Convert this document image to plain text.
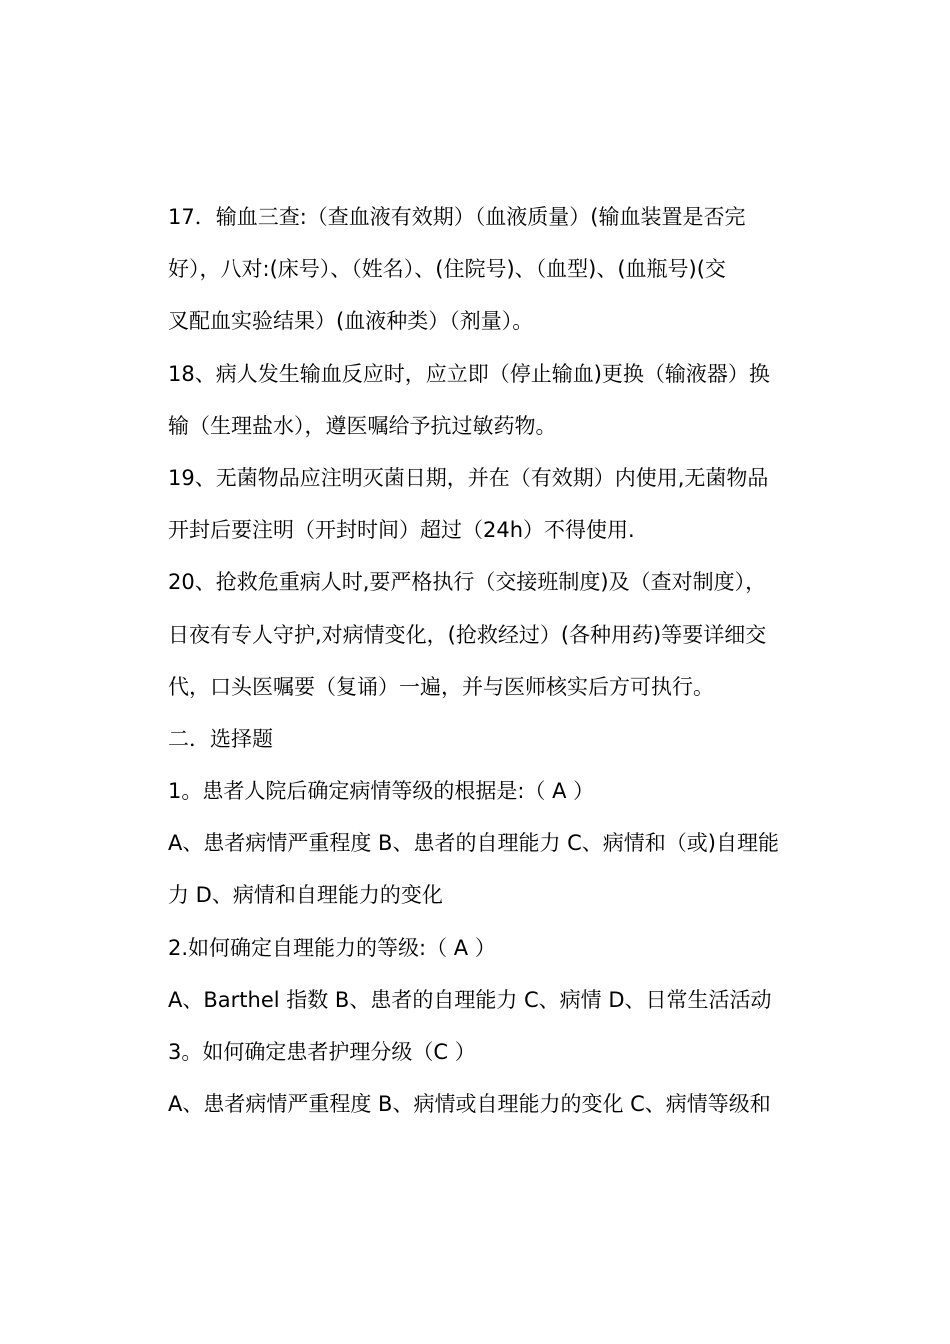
17．输血三查:（查血液有效期）（血液质量）(输血装置是否完
好），八对:(床号）、（姓名）、(住院号)、（血型)、(血瓶号)(交
叉配血实验结果）(血液种类）（剂量）。
18、病人发生输血反应时，应立即（停止输血)更换（输液器）换
输（生理盐水），遵医嘱给予抗过敏药物。
19、无菌物品应注明灭菌日期，并在（有效期）内使用,无菌物品
开封后要注明（开封时间）超过（24h）不得使用.
20、抢救危重病人时,要严格执行（交接班制度)及（查对制度），
日夜有专人守护,对病情变化，(抢救经过）(各种用药)等要详细交
代，口头医嘱要（复诵）一遍，并与医师核实后方可执行。
二．选择题
1。患者人院后确定病情等级的根据是:（ A ）
A、患者病情严重程度 B、患者的自理能力 C、病情和（或)自理能
力 D、病情和自理能力的变化
2.如何确定自理能力的等级:（ A ）
A、Barthel 指数 B、患者的自理能力 C、病情 D、日常生活活动
3。如何确定患者护理分级（C ）
A、患者病情严重程度 B、病情或自理能力的变化 C、病情等级和
